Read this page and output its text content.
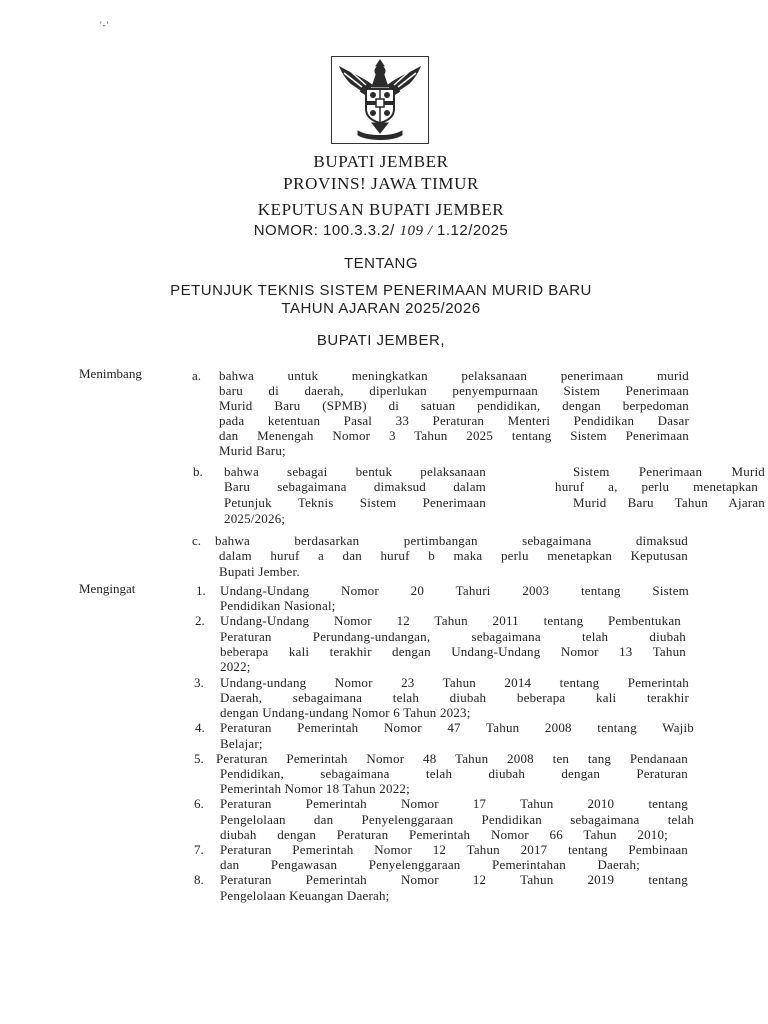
'-'
BUPATI JEMBER
PROVINS! JAWA TIMUR
KEPUTUSAN BUPATI JEMBER
NOMOR: 100.3.3.2/ 109 / 1.12/2025
TENTANG
PETUNJUK TEKNIS SISTEM PENERIMAAN MURID BARU
TAHUN AJARAN 2025/2026
BUPATI JEMBER,
Menimbang	a. bahwa untuk meningkatkan pelaksanaan penerimaan murid
baru di daerah, diperlukan penyempurnaan Sistem Penerimaan
Murid Baru (SPMB) di satuan pendidikan, dengan berpedoman
pada ketentuan Pasal 33 Peraturan Menteri Pendidikan Dasar
dan Menengah Nomor 3 Tahun 2025 tentang Sistem Penerimaan
Murid Baru;
b. bahwa sebagai bentuk pelaksanaan
Baru sebagaimana dimaksud dalam
Petunjuk Teknis Sistem Penerimaan
2025/2026;
Sistem Penerimaan Murid
huruf a, perlu menetapkan
Murid Baru Tahun Ajaran
c. bahwa berdasarkan pertimbangan sebagaimana dimaksud
dalam huruf a dan huruf b maka perlu menetapkan Keputusan
Bupati Jember.
Mengingat	1. Undang-Undang Nomor 20 Tahuri 2003 tentang Sistem
Pendidikan Nasional;
2. Undang-Undang Nomor 12 Tahun 2011 tentang Pembentukan
Peraturan Perundang-undangan, sebagaimana telah diubah
beberapa kali terakhir dengan Undang-Undang Nomor 13 Tahun
2022;
3. Undang-undang Nomor 23 Tahun 2014 tentang Pemerintah
Daerah, sebagaimana telah diubah beberapa kali terakhir
dengan Undang-undang Nomor 6 Tahun 2023;
4. Peraturan Pemerintah Nomor 47 Tahun 2008 tentang Wajib
Belajar;
5. Peraturan Pemerintah Nomor 48 Tahun 2008 ten tang Pendanaan
Pendidikan, sebagaimana telah diubah dengan Peraturan
Pemerintah Nomor 18 Tahun 2022;
6. Peraturan Pemerintah Nomor 17 Tahun 2010 tentang
Pengelolaan dan Penyelenggaraan Pendidikan sebagaimana telah
diubah dengan Peraturan Pemerintah Nomor 66 Tahun 2010;
7. Peraturan Pemerintah Nomor 12 Tahun 2017 tentang Pembinaan
dan Pengawasan Penyelenggaraan Pemerintahan Daerah;
8. Peraturan Pemerintah Nomor 12 Tahun 2019 tentang
Pengelolaan Keuangan Daerah;
